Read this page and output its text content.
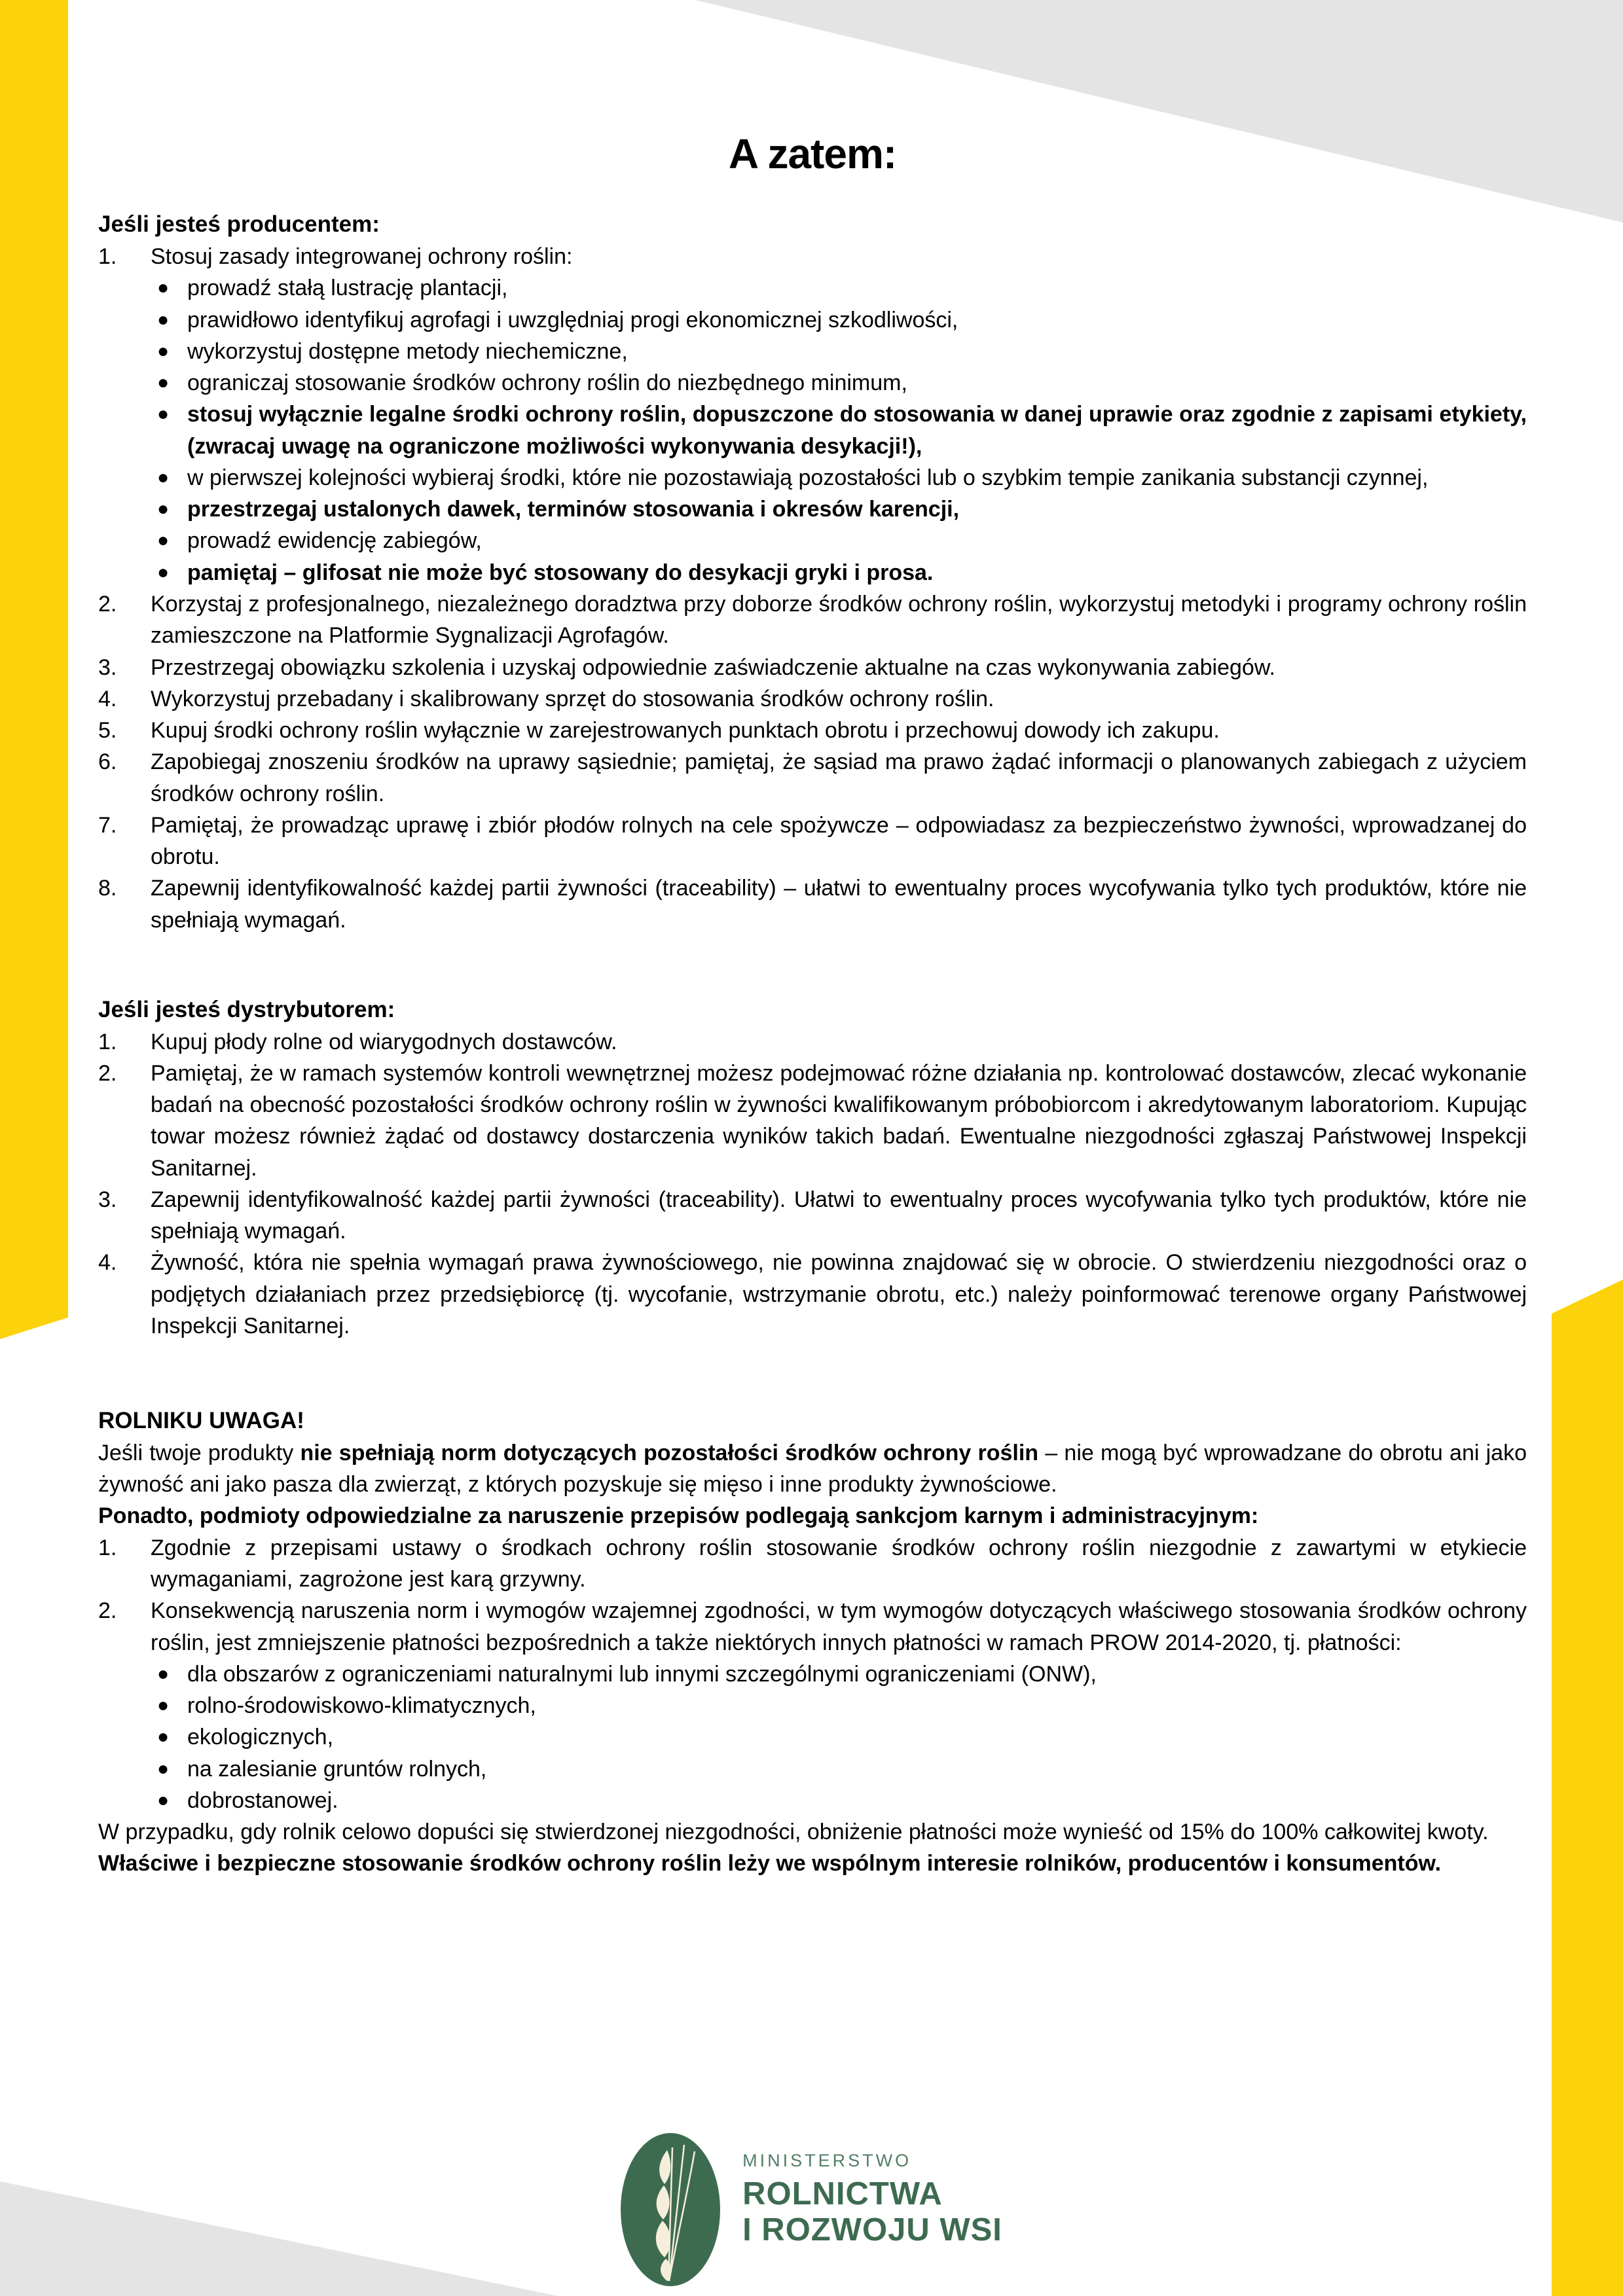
A zatem:
Jeśli jesteś producentem:
1.	Stosuj zasady integrowanej ochrony roślin:
● prowadź stałą lustrację plantacji,
● prawidłowo identyfikuj agrofagi i uwzględniaj progi ekonomicznej szkodliwości,
● wykorzystuj dostępne metody niechemiczne,
● ograniczaj stosowanie środków ochrony roślin do niezbędnego minimum,
● stosuj wyłącznie legalne środki ochrony roślin, dopuszczone do stosowania w danej uprawie oraz zgodnie z zapisami etykiety, (zwracaj uwagę na ograniczone możliwości wykonywania desykacji!),
● w pierwszej kolejności wybieraj środki, które nie pozostawiają pozostałości lub o szybkim tempie zanikania substancji czynnej,
● przestrzegaj ustalonych dawek, terminów stosowania i okresów karencji,
● prowadź ewidencję zabiegów,
● pamiętaj – glifosat nie może być stosowany do desykacji gryki i prosa.
2.	Korzystaj z profesjonalnego, niezależnego doradztwa przy doborze środków ochrony roślin, wykorzystuj metodyki i programy ochrony roślin zamieszczone na Platformie Sygnalizacji Agrofagów.
3.	Przestrzegaj obowiązku szkolenia i uzyskaj odpowiednie zaświadczenie aktualne na czas wykonywania zabiegów.
4.	Wykorzystuj przebadany i skalibrowany sprzęt do stosowania środków ochrony roślin.
5.	Kupuj środki ochrony roślin wyłącznie w zarejestrowanych punktach obrotu i przechowuj dowody ich zakupu.
6.	Zapobiegaj znoszeniu środków na uprawy sąsiednie; pamiętaj, że sąsiad ma prawo żądać informacji o planowanych zabiegach z użyciem środków ochrony roślin.
7.	Pamiętaj, że prowadząc uprawę i zbiór płodów rolnych na cele spożywcze – odpowiadasz za bezpieczeństwo żywności, wprowadzanej do obrotu.
8.	Zapewnij identyfikowalność każdej partii żywności (traceability) – ułatwi to ewentualny proces wycofywania tylko tych produktów, które nie spełniają wymagań.
Jeśli jesteś dystrybutorem:
1.	Kupuj płody rolne od wiarygodnych dostawców.
2.	Pamiętaj, że w ramach systemów kontroli wewnętrznej możesz podejmować różne działania np. kontrolować dostawców, zlecać wykonanie badań na obecność pozostałości środków ochrony roślin w żywności kwalifikowanym próbobiorcom i akredytowanym laboratoriom. Kupując towar możesz również żądać od dostawcy dostarczenia wyników takich badań. Ewentualne niezgodności zgłaszaj Państwowej Inspekcji Sanitarnej.
3.	Zapewnij identyfikowalność każdej partii żywności (traceability). Ułatwi to ewentualny proces wycofywania tylko tych produktów, które nie spełniają wymagań.
4.	Żywność, która nie spełnia wymagań prawa żywnościowego, nie powinna znajdować się w obrocie. O stwierdzeniu niezgodności oraz o podjętych działaniach przez przedsiębiorcę (tj. wycofanie, wstrzymanie obrotu, etc.) należy poinformować terenowe organy Państwowej Inspekcji Sanitarnej.
ROLNIKU UWAGA!

Jeśli twoje produkty nie spełniają norm dotyczących pozostałości środków ochrony roślin – nie mogą być wprowadzane do obrotu ani jako żywność ani jako pasza dla zwierząt, z których pozyskuje się mięso i inne produkty żywnościowe.

Ponadto, podmioty odpowiedzialne za naruszenie przepisów podlegają sankcjom karnym i administracyjnym:

1.	Zgodnie z przepisami ustawy o środkach ochrony roślin stosowanie środków ochrony roślin niezgodnie z zawartymi w etykiecie wymaganiami, zagrożone jest karą grzywny.
2.	Konsekwencją naruszenia norm i wymogów wzajemnej zgodności, w tym wymogów dotyczących właściwego stosowania środków ochrony roślin, jest zmniejszenie płatności bezpośrednich a także niektórych innych płatności w ramach PROW 2014-2020, tj. płatności:
● dla obszarów z ograniczeniami naturalnymi lub innymi szczególnymi ograniczeniami (ONW),
● rolno-środowiskowo-klimatycznych,
● ekologicznych,
● na zalesianie gruntów rolnych,
● dobrostanowej.

W przypadku, gdy rolnik celowo dopuści się stwierdzonej niezgodności, obniżenie płatności może wynieść od 15% do 100% całkowitej kwoty.

Właściwe i bezpieczne stosowanie środków ochrony roślin leży we wspólnym interesie rolników, producentów i konsumentów.

MINISTERSTWO
ROLNICTWA
I ROZWOJU WSI
